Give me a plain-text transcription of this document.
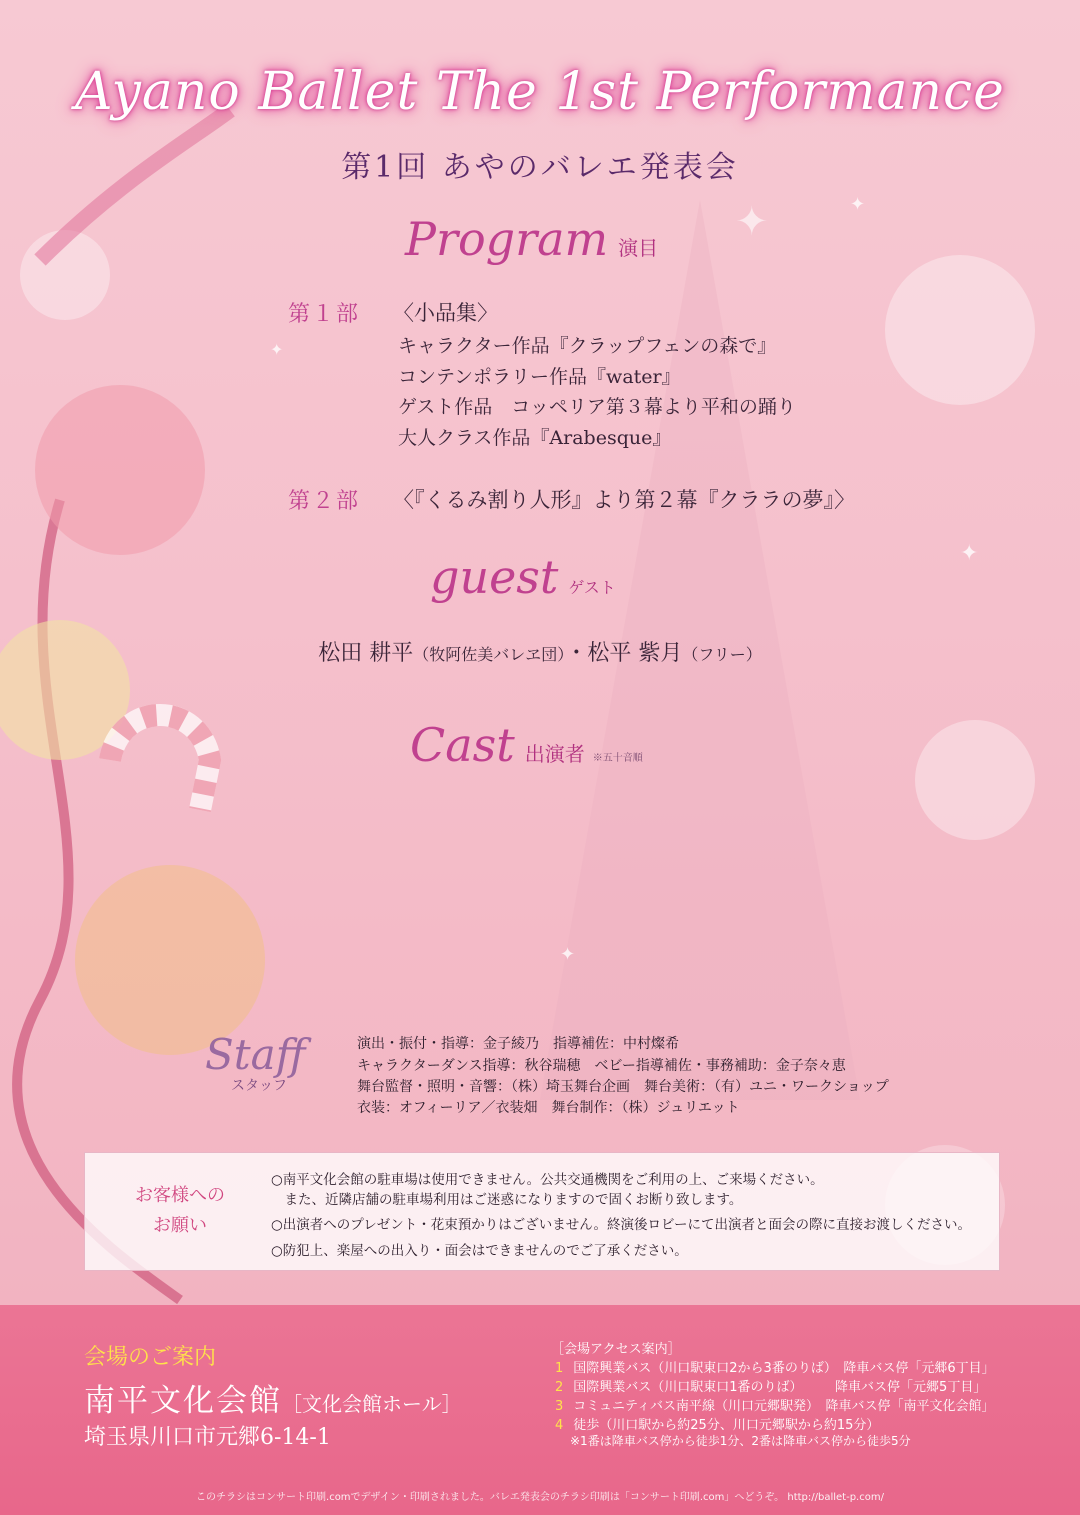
✦
✦
✦
✦
✦
Ayano Ballet The 1st Performance
第1回 あやのバレエ発表会
Program 演目
第１部 〈小品集〉
キャラクター作品『クラップフェンの森で』
コンテンポラリー作品『water』
ゲスト作品　コッペリア第３幕より平和の踊り
大人クラス作品『Arabesque』
第２部 〈『くるみ割り人形』より第２幕『クララの夢』〉
guest ゲスト
松田 耕平（牧阿佐美バレヱ団）・松平 紫月（フリー）
Cast 出演者 ※五十音順
Staff
スタッフ
演出・振付・指導：金子綾乃　指導補佐：中村燦希
キャラクターダンス指導：秋谷瑞穂　ベビー指導補佐・事務補助：金子奈々恵
舞台監督・照明・音響：（株）埼玉舞台企画　舞台美術：（有）ユニ・ワークショップ
衣装：オフィーリア／衣装畑　舞台制作：（株）ジュリエット
お客様への
お願い
○南平文化会館の駐車場は使用できません。公共交通機関をご利用の上、ご来場ください。
　また、近隣店舗の駐車場利用はご迷惑になりますので固くお断り致します。
○出演者へのプレゼント・花束預かりはございません。終演後ロビーにて出演者と面会の際に直接お渡しください。
○防犯上、楽屋への出入り・面会はできませんのでご了承ください。
会場のご案内
南平文化会館［文化会館ホール］
埼玉県川口市元郷6-14-1
［会場アクセス案内］
1 国際興業バス（川口駅東口2から3番のりば）　降車バス停「元郷6丁目」
2 国際興業バス（川口駅東口1番のりば）　　　降車バス停「元郷5丁目」
3 コミュニティバス南平線（川口元郷駅発）　降車バス停「南平文化会館」
4 徒歩（川口駅から約25分、川口元郷駅から約15分）
※1番は降車バス停から徒歩1分、2番は降車バス停から徒歩5分
このチラシはコンサート印刷.comでデザイン・印刷されました。バレエ発表会のチラシ印刷は「コンサート印刷.com」へどうぞ。 http://ballet-p.com/
